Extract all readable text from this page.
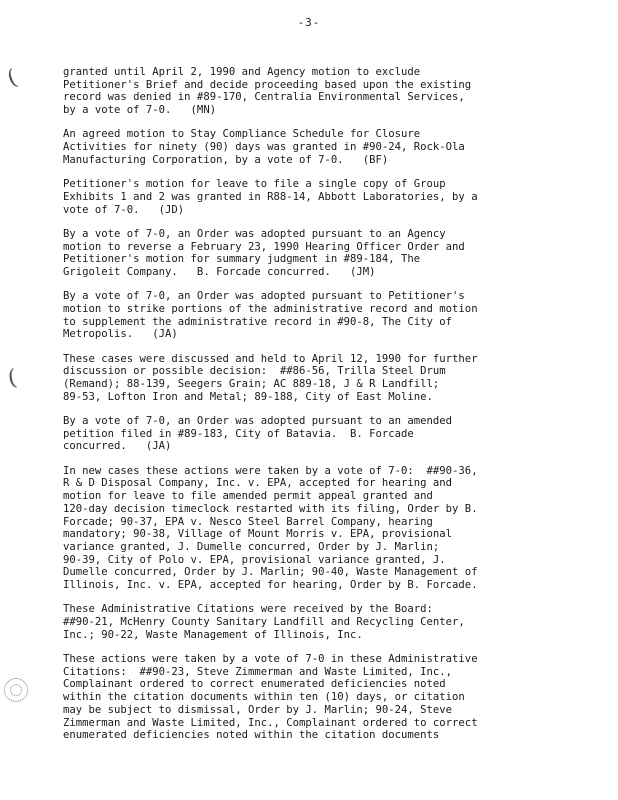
-3-
(
(
granted until April 2, 1990 and Agency motion to exclude
Petitioner's Brief and decide proceeding based upon the existing
record was denied in #89-170, Centralia Environmental Services,
by a vote of 7-0.   (MN)
An agreed motion to Stay Compliance Schedule for Closure
Activities for ninety (90) days was granted in #90-24, Rock-Ola
Manufacturing Corporation, by a vote of 7-0.   (BF)
Petitioner's motion for leave to file a single copy of Group
Exhibits 1 and 2 was granted in R88-14, Abbott Laboratories, by a
vote of 7-0.   (JD)
By a vote of 7-0, an Order was adopted pursuant to an Agency
motion to reverse a February 23, 1990 Hearing Officer Order and
Petitioner's motion for summary judgment in #89-184, The
Grigoleit Company.   B. Forcade concurred.   (JM)
By a vote of 7-0, an Order was adopted pursuant to Petitioner's
motion to strike portions of the administrative record and motion
to supplement the administrative record in #90-8, The City of
Metropolis.   (JA)
These cases were discussed and held to April 12, 1990 for further
discussion or possible decision:  ##86-56, Trilla Steel Drum
(Remand); 88-139, Seegers Grain; AC 889-18, J & R Landfill;
89-53, Lofton Iron and Metal; 89-188, City of East Moline.
By a vote of 7-0, an Order was adopted pursuant to an amended
petition filed in #89-183, City of Batavia.  B. Forcade
concurred.   (JA)
In new cases these actions were taken by a vote of 7-0:  ##90-36,
R & D Disposal Company, Inc. v. EPA, accepted for hearing and
motion for leave to file amended permit appeal granted and
120-day decision timeclock restarted with its filing, Order by B.
Forcade; 90-37, EPA v. Nesco Steel Barrel Company, hearing
mandatory; 90-38, Village of Mount Morris v. EPA, provisional
variance granted, J. Dumelle concurred, Order by J. Marlin;
90-39, City of Polo v. EPA, provisional variance granted, J.
Dumelle concurred, Order by J. Marlin; 90-40, Waste Management of
Illinois, Inc. v. EPA, accepted for hearing, Order by B. Forcade.
These Administrative Citations were received by the Board:
##90-21, McHenry County Sanitary Landfill and Recycling Center,
Inc.; 90-22, Waste Management of Illinois, Inc.
These actions were taken by a vote of 7-0 in these Administrative
Citations:  ##90-23, Steve Zimmerman and Waste Limited, Inc.,
Complainant ordered to correct enumerated deficiencies noted
within the citation documents within ten (10) days, or citation
may be subject to dismissal, Order by J. Marlin; 90-24, Steve
Zimmerman and Waste Limited, Inc., Complainant ordered to correct
enumerated deficiencies noted within the citation documents
